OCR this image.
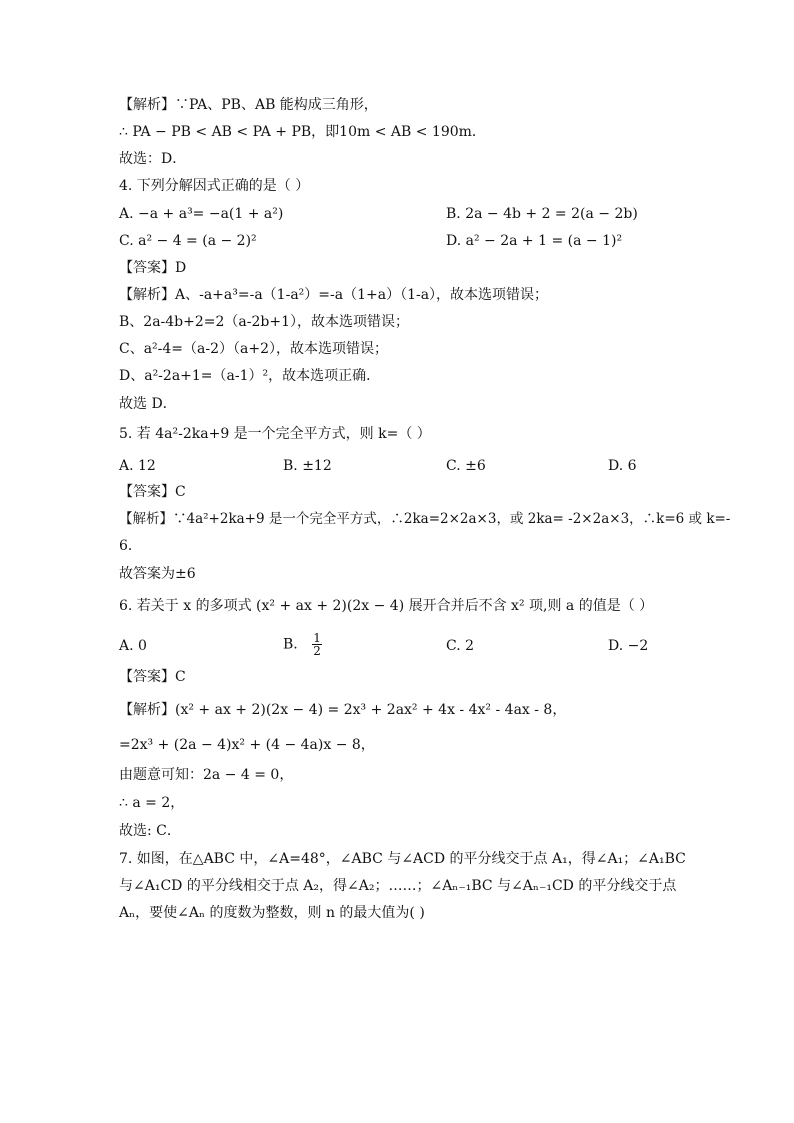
【解析】∵PA、PB、AB 能构成三角形，
∴ PA − PB < AB < PA + PB，即10m < AB < 190m．
故选：D．
4. 下列分解因式正确的是（ ）
A. −a + a³= −a(1 + a²)	B. 2a − 4b + 2 = 2(a − 2b)
C. a² − 4 = (a − 2)²	D. a² − 2a + 1 = (a − 1)²
【答案】D
【解析】A、-a+a³=-a（1-a²）=-a（1+a）（1-a），故本选项错误；
B、2a-4b+2=2（a-2b+1），故本选项错误；
C、a²-4=（a-2）（a+2），故本选项错误；
D、a²-2a+1=（a-1）²，故本选项正确．
故选 D．
5. 若 4a²-2ka+9 是一个完全平方式，则 k=（ ）
A. 12	B. ±12	C. ±6	D. 6
【答案】C
【解析】∵4a²+2ka+9 是一个完全平方式，∴2ka=2×2a×3，或 2ka= -2×2a×3，∴k=6 或 k=-
6．
故答案为±6
6. 若关于 x 的多项式 (x² + ax + 2)(2x − 4) 展开合并后不含 x² 项,则 a 的值是（ ）
A. 0	B. $\frac{1}{2}$	C. 2	D. −2
【答案】C
【解析】(x² + ax + 2)(2x − 4) = 2x³ + 2ax² + 4x - 4x² - 4ax - 8，
=2x³ + (2a − 4)x² + (4 − 4a)x − 8，
由题意可知：2a − 4 = 0，
∴ a = 2，
故选: C．
7. 如图，在△ABC 中，∠A=48°，∠ABC 与∠ACD 的平分线交于点 A₁，得∠A₁；∠A₁BC
与∠A₁CD 的平分线相交于点 A₂，得∠A₂；……；∠Aₙ₋₁BC 与∠Aₙ₋₁CD 的平分线交于点
Aₙ，要使∠Aₙ 的度数为整数，则 n 的最大值为( )
